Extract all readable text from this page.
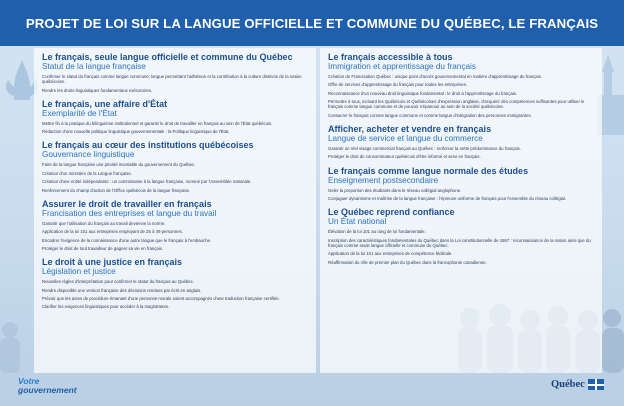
PROJET DE LOI SUR LA LANGUE OFFICIELLE ET COMMUNE DU QUÉBEC, LE FRANÇAIS
Le français, seule langue officielle et commune du Québec
Statut de la langue française
Confirmer le statut du français comme langue commune; langue permettant l'adhésion et la contribution à la culture distincte de la nation québécoise.
Rendre les droits linguistiques fondamentaux exécutoires.
Le français, une affaire d'État
Exemplarité de l'État
Mettre fin à la pratique du bilinguisme institutionnel et garantir le droit de travailler en français au sein de l'État québécois.
Rédaction d'une nouvelle politique linguistique gouvernementale : la Politique linguistique de l'État.
Le français au cœur des institutions québécoises
Gouvernance linguistique
Faire de la langue française une priorité invariable du gouvernement du Québec.
Création d'un ministère de la Langue française.
Création d'une entité indépendante : un commissaire à la langue française, nommé par l'Assemblée nationale.
Renforcement du champ d'action de l'Office québécois de la langue française.
Assurer le droit de travailler en français
Francisation des entreprises et langue du travail
Garantir que l'utilisation du français au travail devienne la norme.
Application de la loi 101 aux entreprises employant de 25 à 49 personnes.
Encadrer l'exigence de la connaissance d'une autre langue que le français à l'embauche.
Protéger le droit de tout travailleur de gagner sa vie en français.
Le droit à une justice en français
Législation et justice
Nouvelles règles d'interprétation pour confirmer le statut du français au Québec.
Rendre disponible une version française des décisions rendues par écrit en anglais.
Prévoir que les actes de procédure émanant d'une personne morale soient accompagnés d'une traduction française certifiée.
Clarifier les exigences linguistiques pour accéder à la magistrature.
Le français accessible à tous
Immigration et apprentissage du français
Création de Francisation Québec : unique point d'accès gouvernemental en matière d'apprentissage du français.
Offre de services d'apprentissage du français pour toutes les entreprises.
Reconnaissance d'un nouveau droit linguistique fondamental : le droit à l'apprentissage du français.
Permettre à tous, incluant les Québécois et Québécoises d'expression anglaise, d'acquérir des compétences suffisantes pour utiliser le français comme langue commune et de pouvoir s'épanouir au sein de la société québécoise.
Consacrer le français comme langue commune et comme langue d'intégration des personnes immigrantes.
Afficher, acheter et vendre en français
Langue de service et langue du commerce
Garantir un réel visage commercial français au Québec : renforcer la nette prédominance du français.
Protéger le droit du consommateur québécois d'être informé et servi en français.
Le français comme langue normale des études
Enseignement postsecondaire
Geler la proportion des étudiants dans le réseau collégial anglophone.
Conjuguer dynamisme et maîtrise de la langue française : l'épreuve uniforme de français pour l'ensemble du réseau collégial.
Le Québec reprend confiance
Un État national
Élévation de la loi 101 au rang de loi fondamentale.
Inscription des caractéristiques fondamentales du Québec dans la Loi constitutionnelle de 1867 : reconnaissance de la nation ainsi que du français comme seule langue officielle et commune du Québec.
Application de la loi 101 aux entreprises de compétence fédérale.
Réaffirmation du rôle de premier plan du Québec dans la francophonie canadienne.
Votre
gouvernement	Québec
